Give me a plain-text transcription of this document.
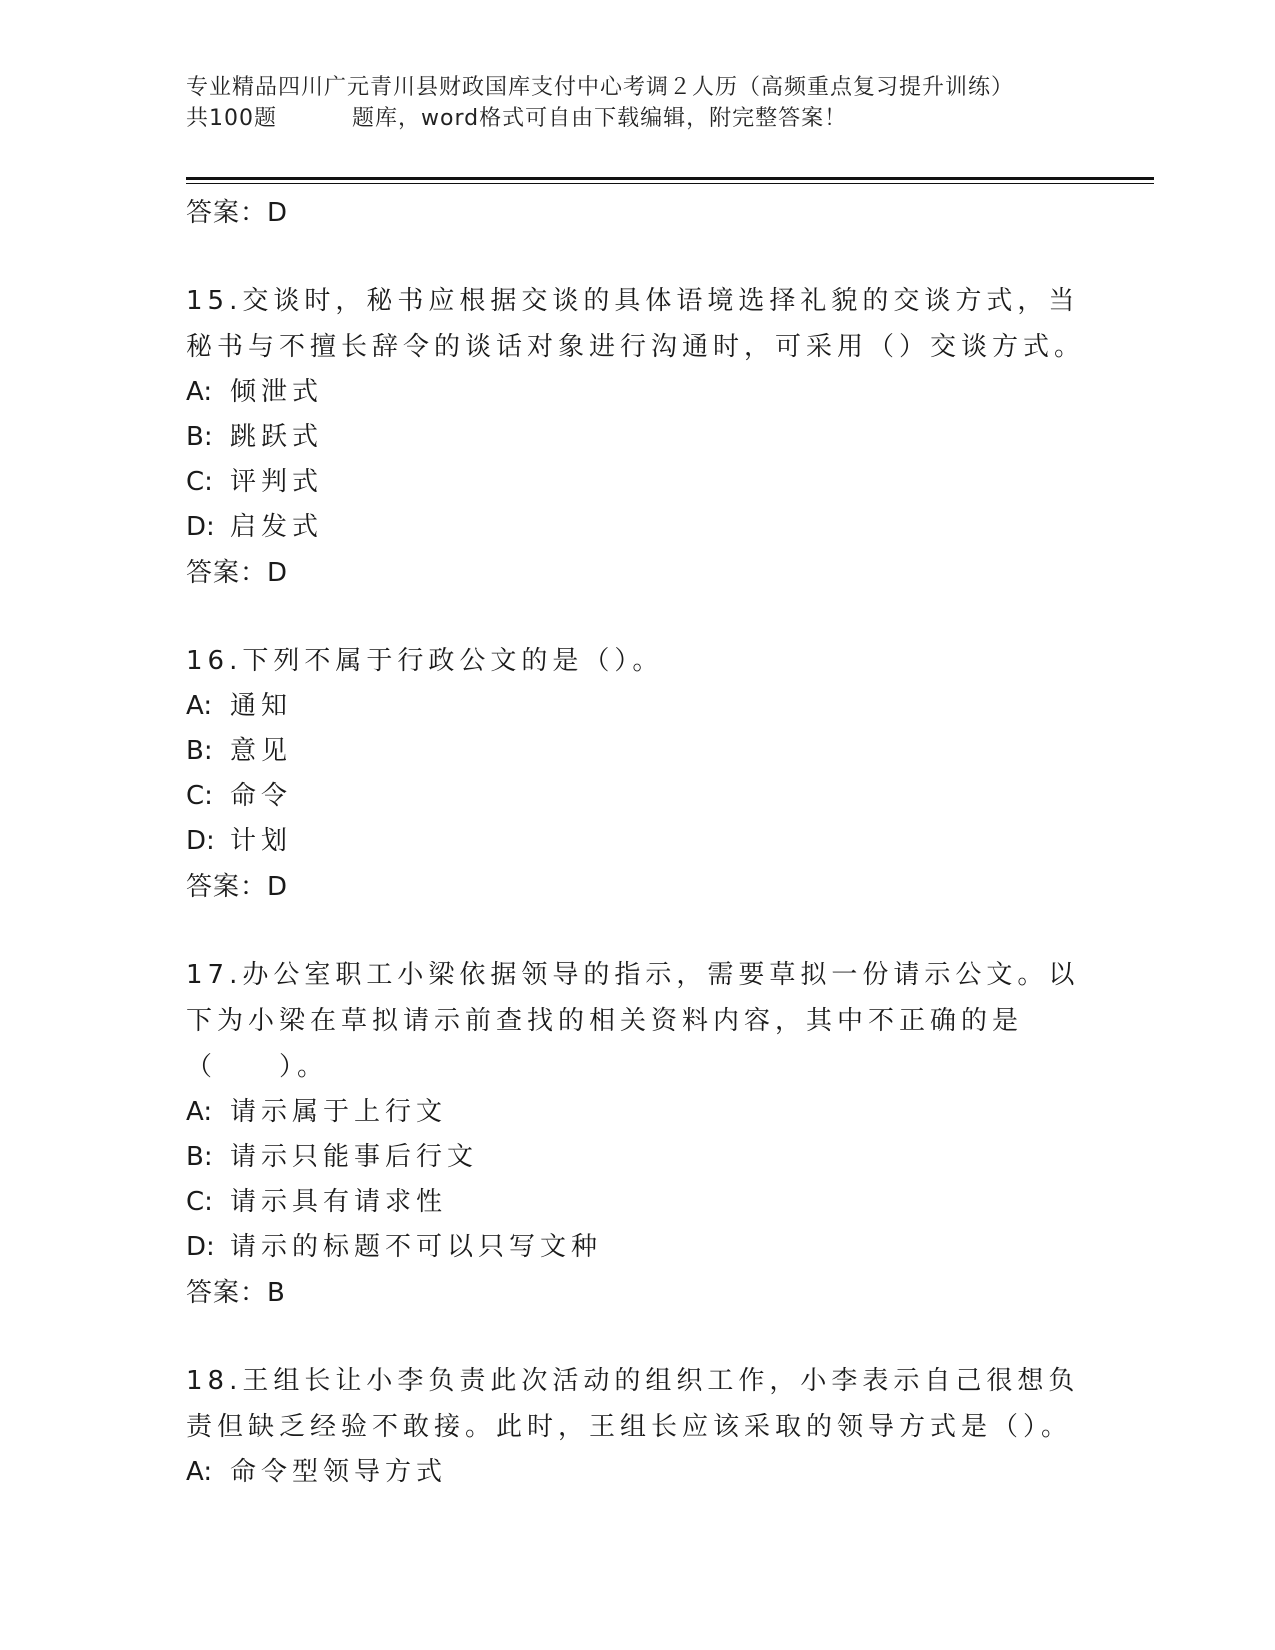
专业精品四川广元青川县财政国库支付中心考调２人历（高频重点复习提升训练）
共100题	题库，word格式可自由下载编辑，附完整答案！
答案：D
15.交谈时，秘书应根据交谈的具体语境选择礼貌的交谈方式，当秘书与不擅长辞令的谈话对象进行沟通时，可采用（）交谈方式。
A: 倾泄式
B: 跳跃式
C: 评判式
D: 启发式
答案：D
16.下列不属于行政公文的是（）。
A: 通知
B: 意见
C: 命令
D: 计划
答案：D
17.办公室职工小梁依据领导的指示，需要草拟一份请示公文。以下为小梁在草拟请示前查找的相关资料内容，其中不正确的是（　　）。
A: 请示属于上行文
B: 请示只能事后行文
C: 请示具有请求性
D: 请示的标题不可以只写文种
答案：B
18.王组长让小李负责此次活动的组织工作，小李表示自己很想负责但缺乏经验不敢接。此时，王组长应该采取的领导方式是（）。
A: 命令型领导方式
